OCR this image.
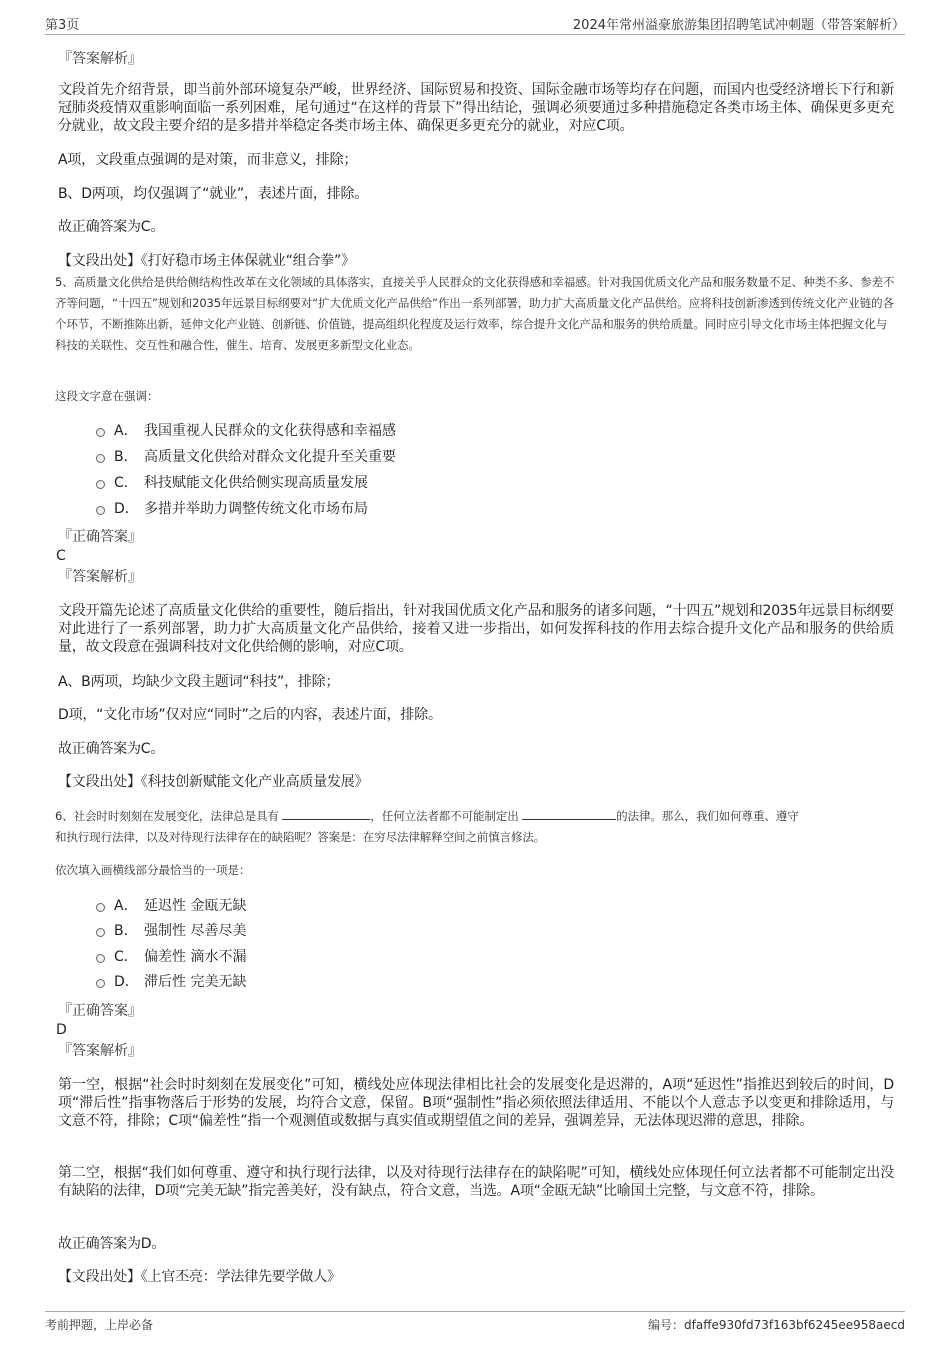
第3页	2024年常州溢豪旅游集团招聘笔试冲刺题（带答案解析）
『答案解析』

文段首先介绍背景，即当前外部环境复杂严峻，世界经济、国际贸易和投资、国际金融市场等均存在问题，而国内也受经济增长下行和新冠肺炎疫情双重影响面临一系列困难，尾句通过“在这样的背景下”得出结论，强调必须要通过多种措施稳定各类市场主体、确保更多更充分就业，故文段主要介绍的是多措并举稳定各类市场主体、确保更多更充分的就业，对应C项。

A项，文段重点强调的是对策，而非意义，排除；

B、D两项，均仅强调了“就业”，表述片面，排除。

故正确答案为C。

【文段出处】《打好稳市场主体保就业“组合拳”》

5、高质量文化供给是供给侧结构性改革在文化领域的具体落实，直接关乎人民群众的文化获得感和幸福感。针对我国优质文化产品和服务数量不足、种类不多、参差不齐等问题，“十四五”规划和2035年远景目标纲要对“扩大优质文化产品供给”作出一系列部署，助力扩大高质量文化产品供给。应将科技创新渗透到传统文化产业链的各个环节，不断推陈出新，延伸文化产业链、创新链、价值链，提高组织化程度及运行效率，综合提升文化产品和服务的供给质量。同时应引导文化市场主体把握文化与科技的关联性、交互性和融合性，催生、培育、发展更多新型文化业态。

这段文字意在强调：

A． 我国重视人民群众的文化获得感和幸福感
B． 高质量文化供给对群众文化提升至关重要
C． 科技赋能文化供给侧实现高质量发展
D． 多措并举助力调整传统文化市场布局
『正确答案』
C
『答案解析』

文段开篇先论述了高质量文化供给的重要性，随后指出，针对我国优质文化产品和服务的诸多问题，“十四五”规划和2035年远景目标纲要对此进行了一系列部署，助力扩大高质量文化产品供给，接着又进一步指出，如何发挥科技的作用去综合提升文化产品和服务的供给质量，故文段意在强调科技对文化供给侧的影响，对应C项。

A、B两项，均缺少文段主题词“科技”，排除；

D项，“文化市场”仅对应“同时”之后的内容，表述片面，排除。

故正确答案为C。

【文段出处】《科技创新赋能文化产业高质量发展》

6、社会时时刻刻在发展变化，法律总是具有	，任何立法者都不可能制定出	的法律。那么，我们如何尊重、遵守
和执行现行法律，以及对待现行法律存在的缺陷呢？答案是：在穷尽法律解释空间之前慎言修法。

依次填入画横线部分最恰当的一项是：

A． 延迟性 金瓯无缺
B． 强制性 尽善尽美
C． 偏差性 滴水不漏
D． 滞后性 完美无缺
『正确答案』
D
『答案解析』

第一空，根据“社会时时刻刻在发展变化”可知，横线处应体现法律相比社会的发展变化是迟滞的，A项“延迟性”指推迟到较后的时间，D项“滞后性”指事物落后于形势的发展，均符合文意，保留。B项“强制性”指必须依照法律适用、不能以个人意志予以变更和排除适用，与文意不符，排除；C项“偏差性”指一个观测值或数据与真实值或期望值之间的差异，强调差异，无法体现迟滞的意思，排除。

第二空，根据“我们如何尊重、遵守和执行现行法律，以及对待现行法律存在的缺陷呢”可知，横线处应体现任何立法者都不可能制定出没有缺陷的法律，D项“完美无缺”指完善美好，没有缺点，符合文意，当选。A项“金瓯无缺”比喻国土完整，与文意不符，排除。

故正确答案为D。

【文段出处】《上官丕亮：学法律先要学做人》

考前押题，上岸必备	编号：dfaffe930fd73f163bf6245ee958aecd
